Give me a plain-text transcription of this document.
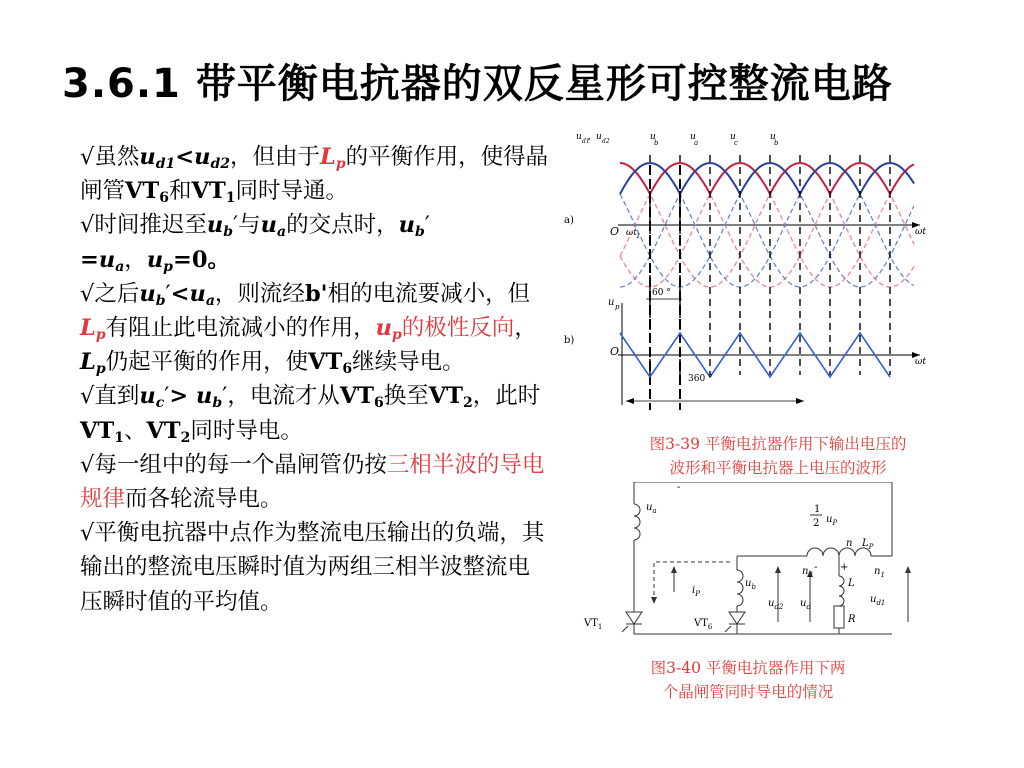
3.6.1 带平衡电抗器的双反星形可控整流电路

√虽然$u_{d1}<u_{d2}$，但由于$L_p$的平衡作用，使得晶闸管$VT_6$和$VT_1$同时导通。

√时间推迟至$u_b'$与$u_a$的交点时，$u_b'$
$=u_a$，$u_p=0$。

√之后$u_b'<u_a$，则流经b'相的电流要减小，但$L_p$有阻止此电流减小的作用，$u_p$的极性反向，$L_p$仍起平衡的作用，使$VT_6$继续导电。

√直到$u_c'> u_b'$，电流才从$VT_6$换至$VT_2$，此时$VT_1$、$VT_2$同时导电。

√每一组中的每一个晶闸管仍按三相半波的导电规律而各轮流导电。

√平衡电抗器中点作为整流电压输出的负端，其输出的整流电压瞬时值为两组三相半波整流电压瞬时值的平均值。

u d1
, u d2	u
b
u
a
u
c
u
b
a)
b)
O ωt 1	ωt
60 °
u p
O
ωt
360 °
图3-39 平衡电抗器作用下输出电压的
波形和平衡电抗器上电压的波形
$u_a$	1
2 $u_P$
n $L_P$
$n_2$	$n_1$
$u_b$
$i_P$
$u_{d2}$ $u_d$
L
R
$u_{d1}$
$VT_1$	$VT_6$
+
-
-
图3-40 平衡电抗器作用下两
个晶闸管同时导电的情况
